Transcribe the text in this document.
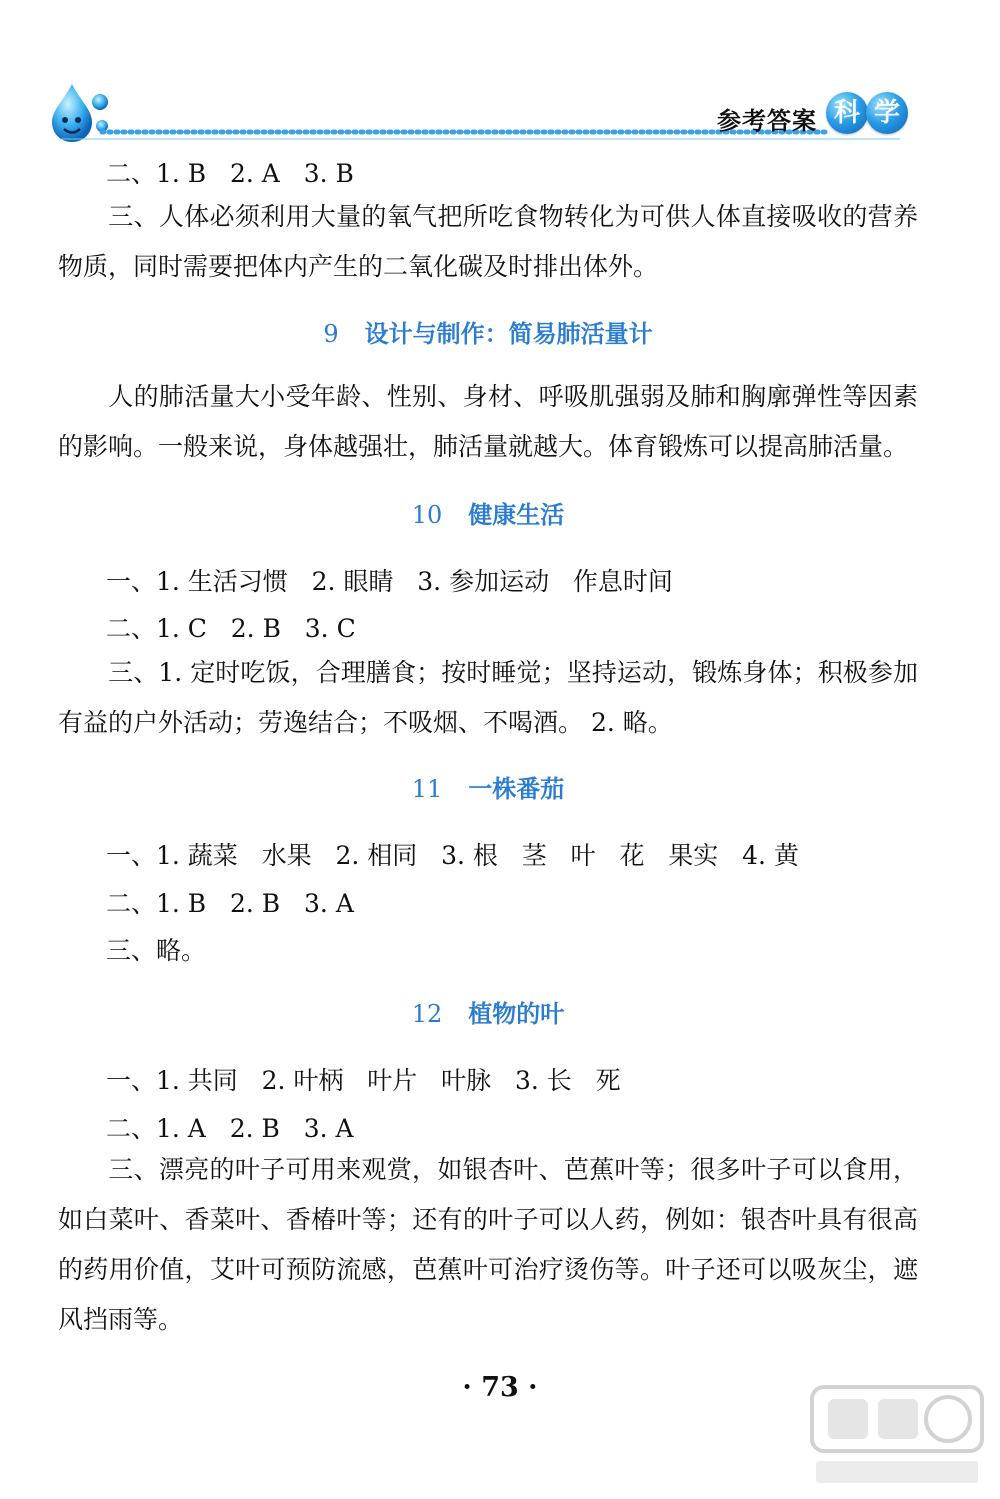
参考答案 科 学
二、1. B   2. A   3. B
三、人体必须利用大量的氧气把所吃食物转化为可供人体直接吸收的营养物质，同时需要把体内产生的二氧化碳及时排出体外。
9 设计与制作：简易肺活量计
人的肺活量大小受年龄、性别、身材、呼吸肌强弱及肺和胸廓弹性等因素的影响。一般来说，身体越强壮，肺活量就越大。体育锻炼可以提高肺活量。
10 健康生活
一、1. 生活习惯   2. 眼睛   3. 参加运动   作息时间
二、1. C   2. B   3. C
三、1. 定时吃饭，合理膳食；按时睡觉；坚持运动，锻炼身体；积极参加有益的户外活动；劳逸结合；不吸烟、不喝酒。 2. 略。
11 一株番茄
一、1. 蔬菜   水果   2. 相同   3. 根   茎   叶   花   果实   4. 黄
二、1. B   2. B   3. A
三、略。
12 植物的叶
一、1. 共同   2. 叶柄   叶片   叶脉   3. 长   死
二、1. A   2. B   3. A
三、漂亮的叶子可用来观赏，如银杏叶、芭蕉叶等；很多叶子可以食用，如白菜叶、香菜叶、香椿叶等；还有的叶子可以人药，例如：银杏叶具有很高的药用价值，艾叶可预防流感，芭蕉叶可治疗烫伤等。叶子还可以吸灰尘，遮风挡雨等。
· 73 ·
